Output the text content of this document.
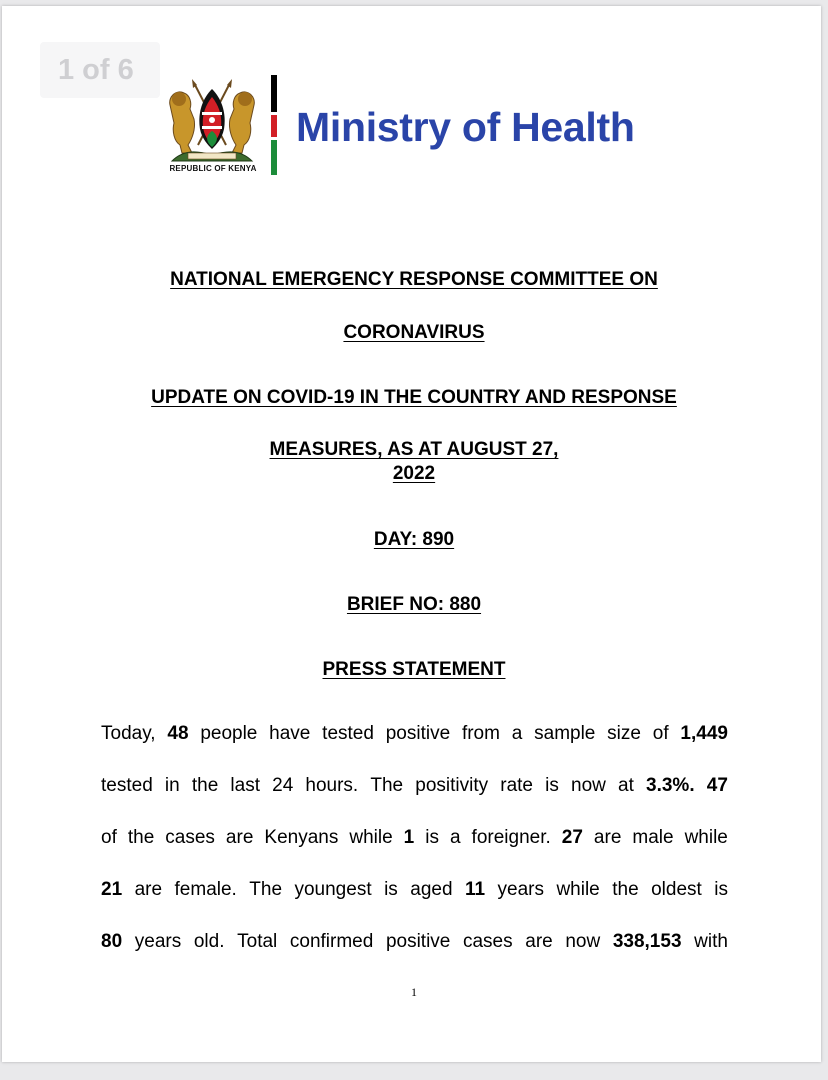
1 of 6
REPUBLIC OF KENYA
Ministry of Health
NATIONAL EMERGENCY RESPONSE COMMITTEE ON
CORONAVIRUS
UPDATE ON COVID-19 IN THE COUNTRY AND RESPONSE
MEASURES, AS AT AUGUST 27,
2022
DAY: 890
BRIEF NO: 880
PRESS STATEMENT
Today, 48 people have tested positive from a sample size of 1,449
tested in the last 24 hours. The positivity rate is now at 3.3%. 47
of the cases are Kenyans while 1 is a foreigner. 27 are male while
21 are female. The youngest is aged 11 years while the oldest is
80 years old. Total confirmed positive cases are now 338,153 with
1
